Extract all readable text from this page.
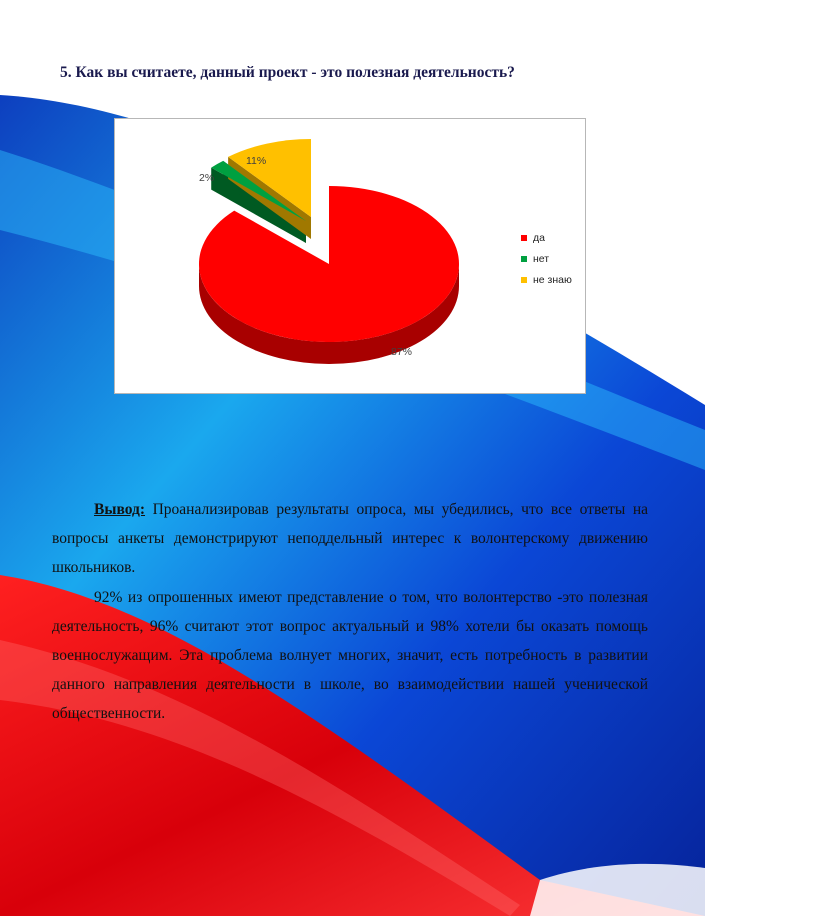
5. Как вы считаете, данный проект - это полезная деятельность?
87%
2%
11%
да
нет
не знаю

Вывод: Проанализировав результаты опроса, мы убедились, что все ответы на вопросы анкеты демонстрируют неподдельный интерес к волонтерскому движению школьников.

92% из опрошенных имеют представление о том, что волонтерство -это полезная деятельность, 96% считают этот вопрос актуальный и 98% хотели бы оказать помощь военнослужащим. Эта проблема волнует многих, значит, есть потребность в развитии данного направления деятельности в школе, во взаимодействии нашей ученической общественности.
